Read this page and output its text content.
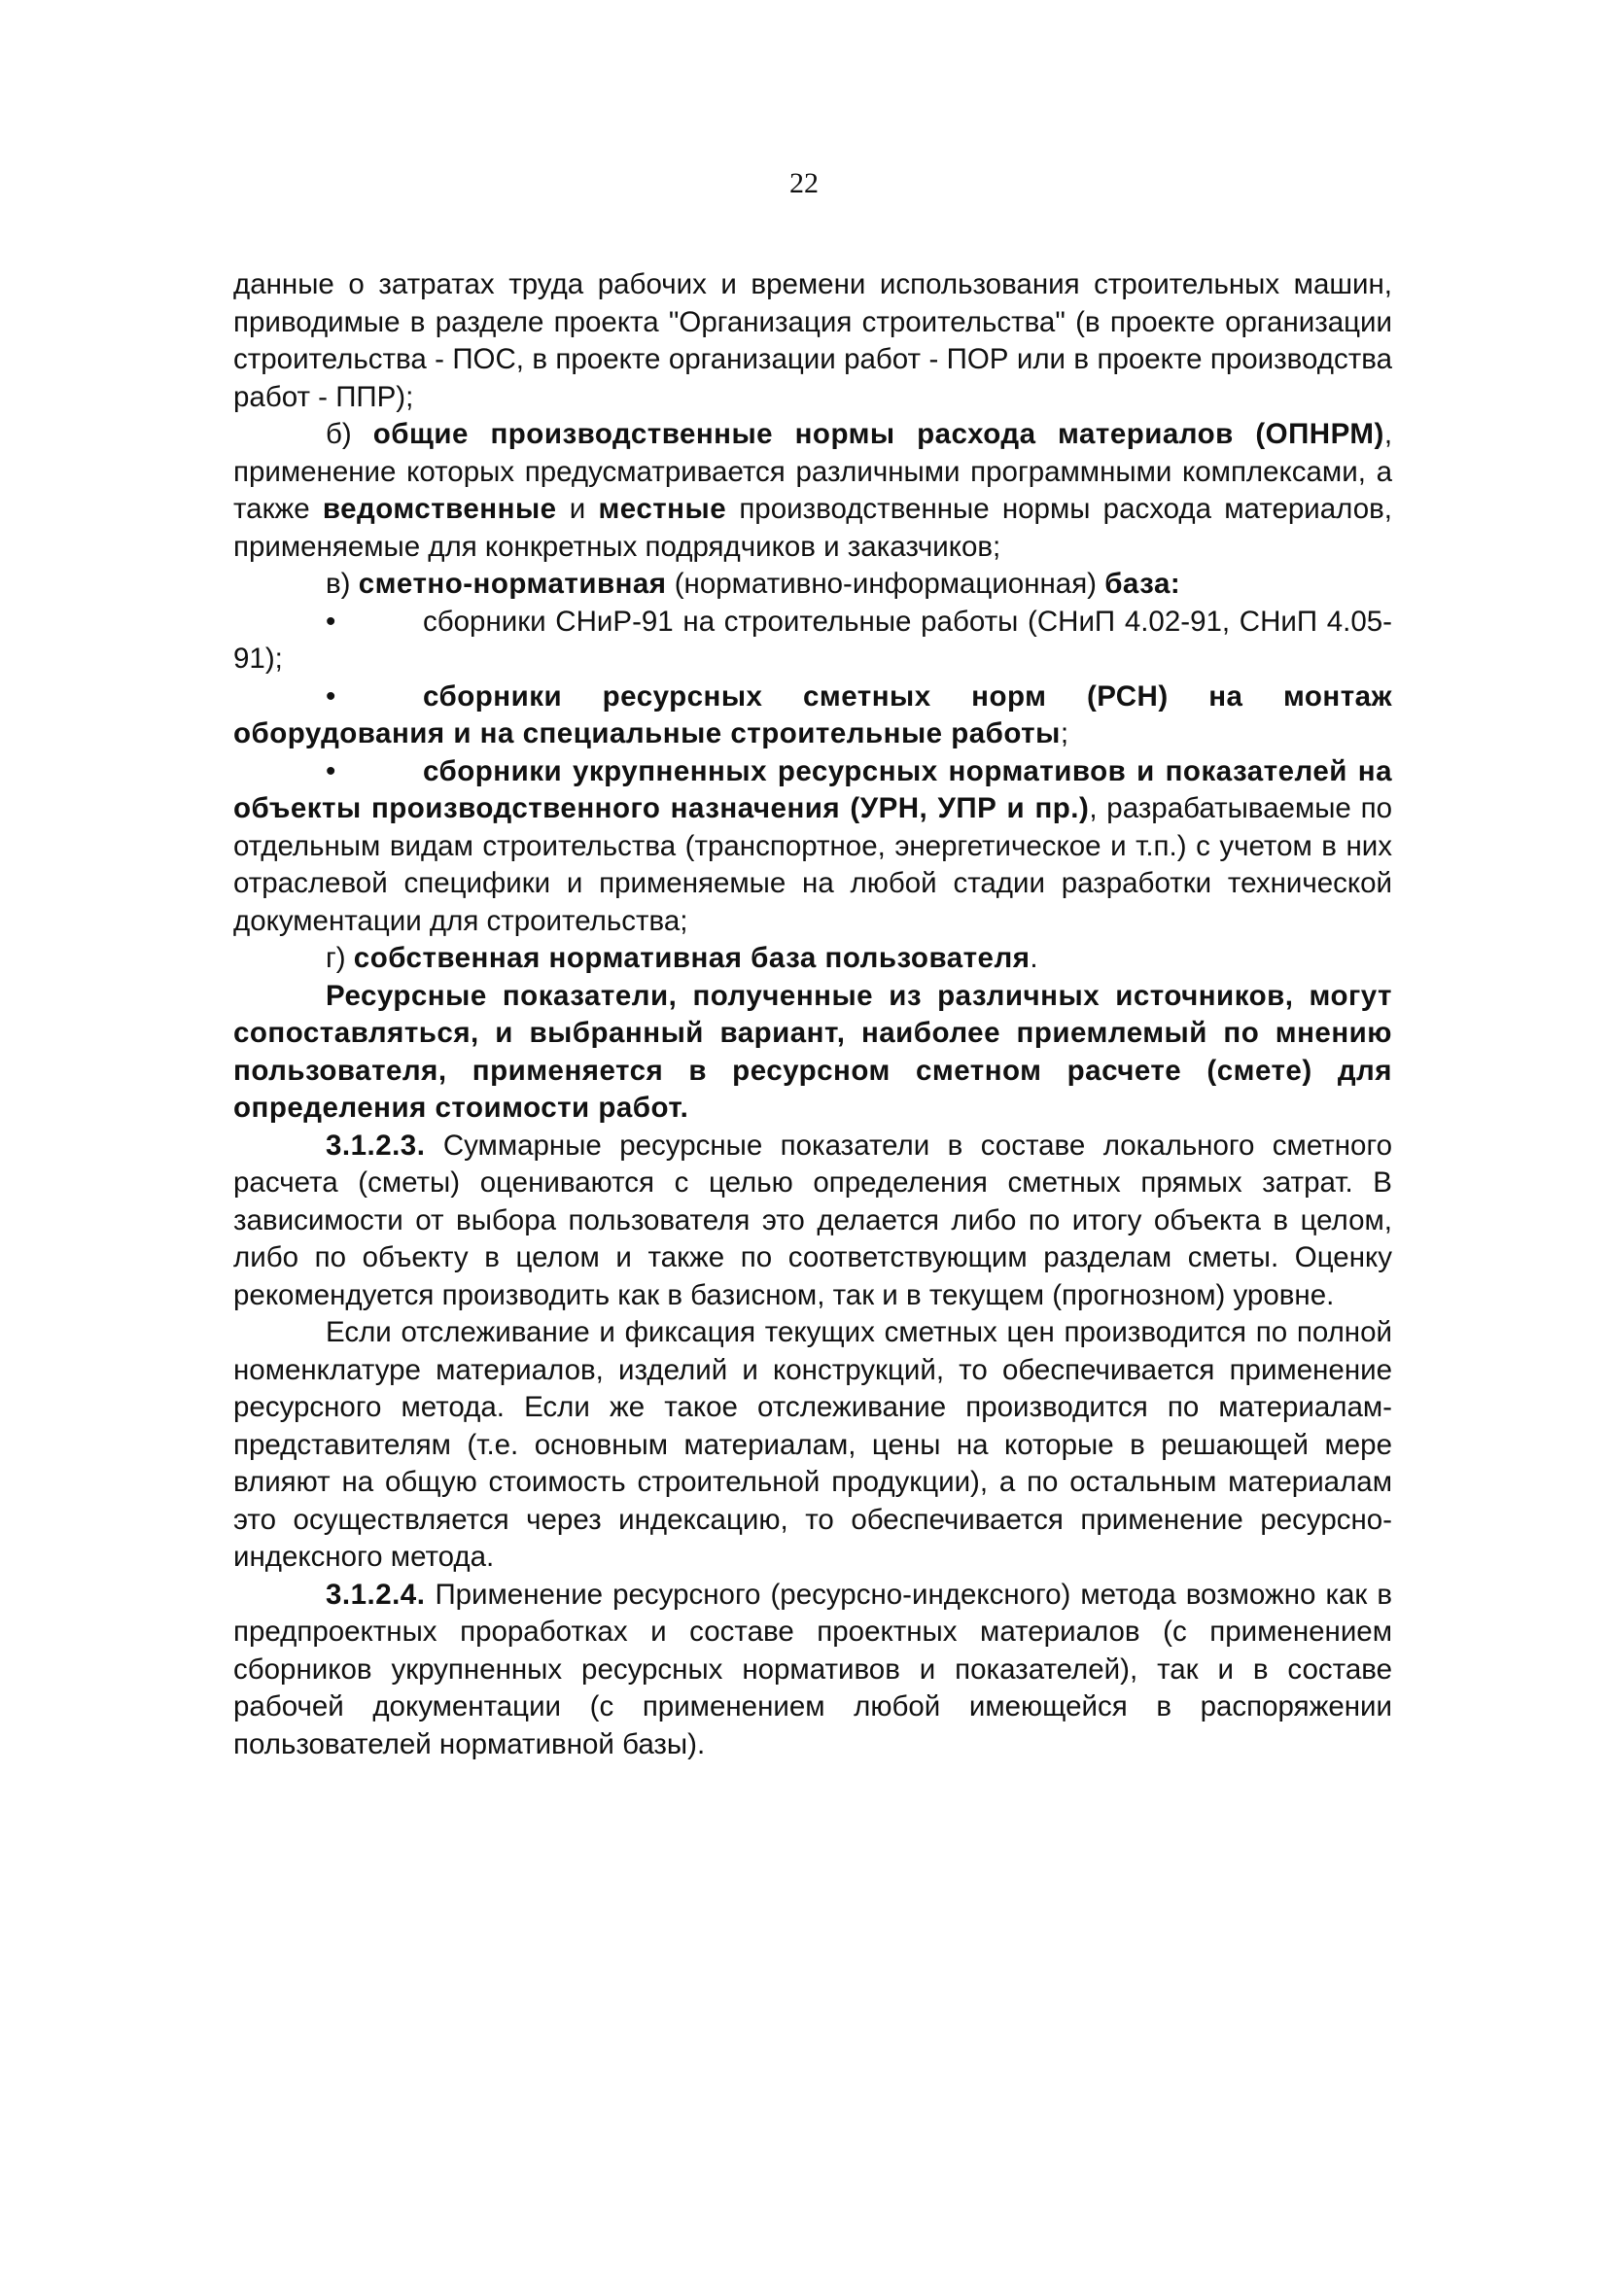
22

данные о затратах труда рабочих и времени использования строительных машин, приводимые в разделе проекта "Организация строительства" (в проекте организации строительства - ПОС, в проекте организации работ - ПОР или в проекте производства работ - ППР);

б) общие производственные нормы расхода материалов (ОПНРМ), применение которых предусматривается различными программными комплексами, а также ведомственные и местные производственные нормы расхода материалов, применяемые для конкретных подрядчиков и заказчиков;

в) сметно-нормативная (нормативно-информационная) база:

• сборники СНиР-91 на строительные работы (СНиП 4.02-91, СНиП 4.05-91);

• сборники ресурсных сметных норм (РСН) на монтаж оборудования и на специальные строительные работы;

• сборники укрупненных ресурсных нормативов и показателей на объекты производственного назначения (УРН, УПР и пр.), разрабатываемые по отдельным видам строительства (транспортное, энергетическое и т.п.) с учетом в них отраслевой специфики и применяемые на любой стадии разработки технической документации для строительства;

г) собственная нормативная база пользователя.

Ресурсные показатели, полученные из различных источников, могут сопоставляться, и выбранный вариант, наиболее приемлемый по мнению пользователя, применяется в ресурсном сметном расчете (смете) для определения стоимости работ.

3.1.2.3. Суммарные ресурсные показатели в составе локального сметного расчета (сметы) оцениваются с целью определения сметных прямых затрат. В зависимости от выбора пользователя это делается либо по итогу объекта в целом, либо по объекту в целом и также по соответствующим разделам сметы. Оценку рекомендуется производить как в базисном, так и в текущем (прогнозном) уровне.

Если отслеживание и фиксация текущих сметных цен производится по полной номенклатуре материалов, изделий и конструкций, то обеспечивается применение ресурсного метода. Если же такое отслеживание производится по материалам-представителям (т.е. основным материалам, цены на которые в решающей мере влияют на общую стоимость строительной продукции), а по остальным материалам это осуществляется через индексацию, то обеспечивается применение ресурсно-индексного метода.

3.1.2.4. Применение ресурсного (ресурсно-индексного) метода возможно как в предпроектных проработках и составе проектных материалов (с применением сборников укрупненных ресурсных нормативов и показателей), так и в составе рабочей документации (с применением любой имеющейся в распоряжении пользователей нормативной базы).
